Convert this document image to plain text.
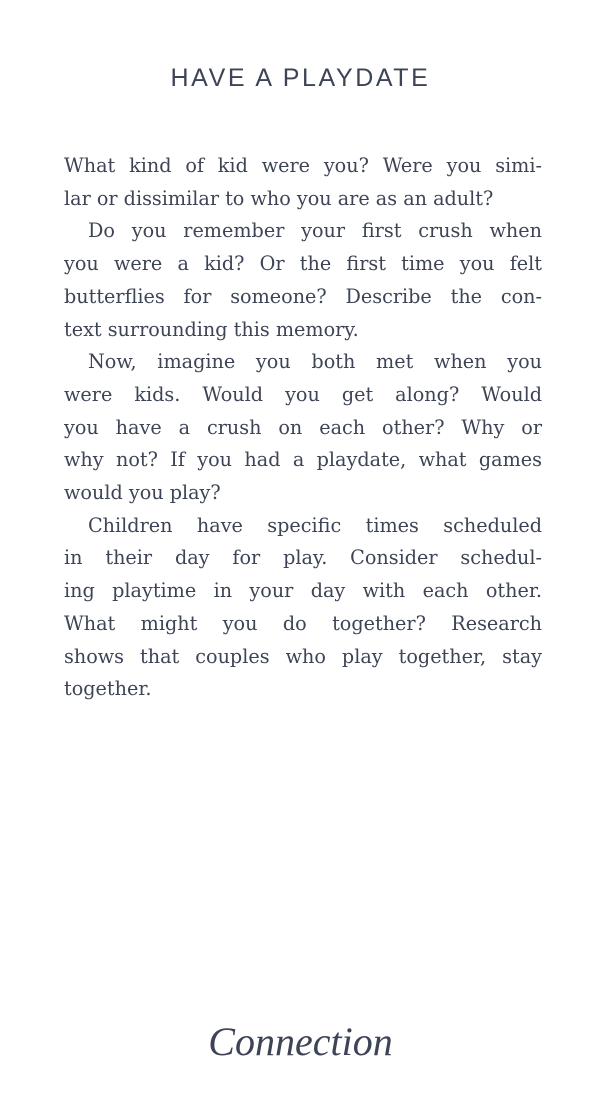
HAVE A PLAYDATE
What kind of kid were you? Were you simi-
lar or dissimilar to who you are as an adult?
Do you remember your first crush when
you were a kid? Or the first time you felt
butterflies for someone? Describe the con-
text surrounding this memory.
Now, imagine you both met when you
were kids. Would you get along? Would
you have a crush on each other? Why or
why not? If you had a playdate, what games
would you play?
Children have specific times scheduled
in their day for play. Consider schedul-
ing playtime in your day with each other.
What might you do together? Research
shows that couples who play together, stay
together.
Connection
